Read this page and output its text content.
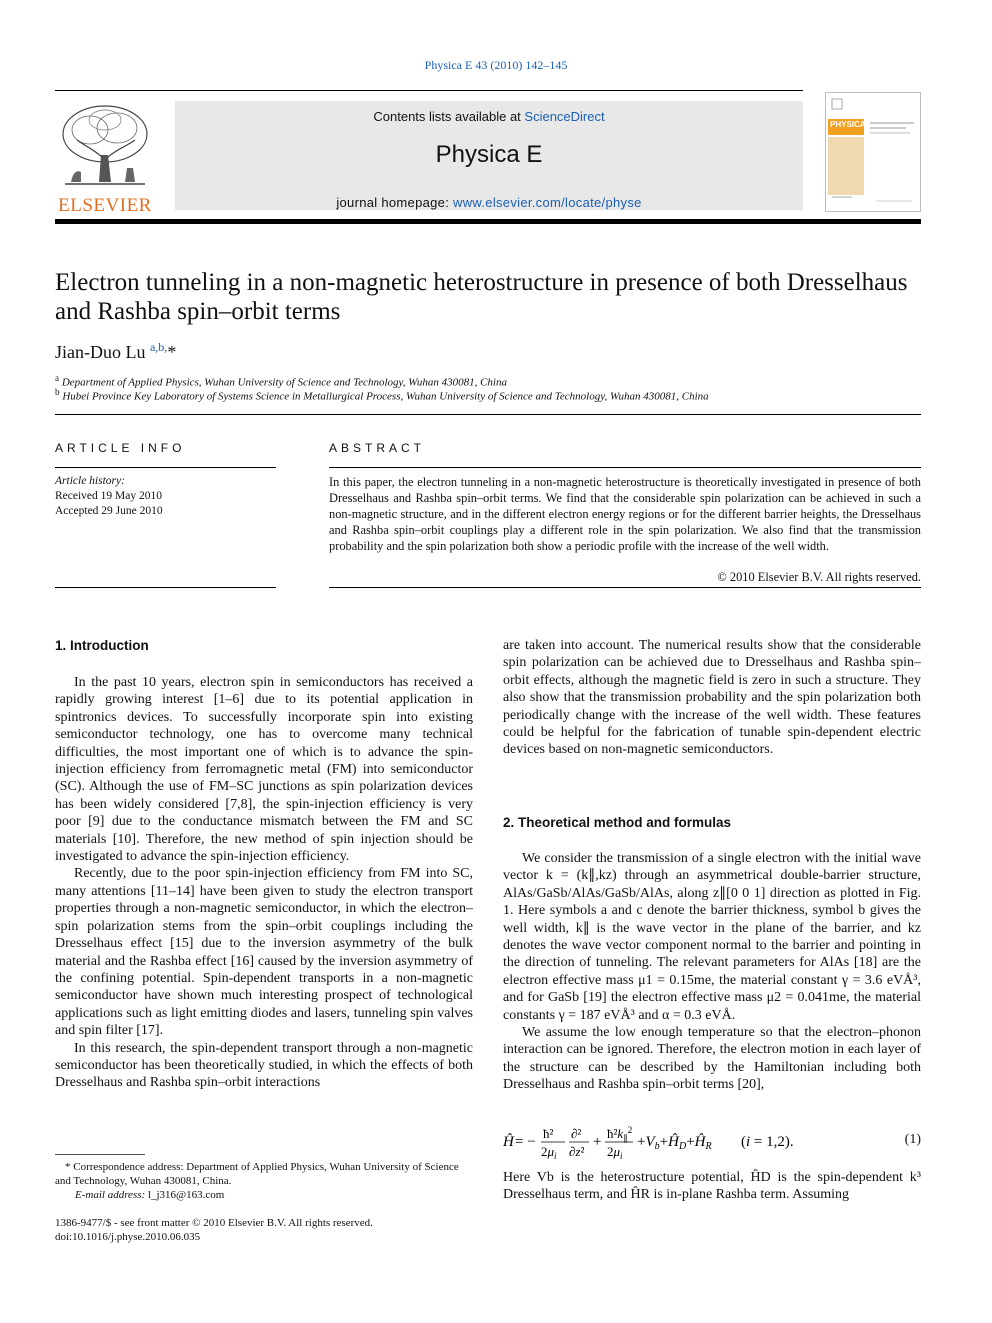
Physica E 43 (2010) 142–145
ELSEVIER
Contents lists available at ScienceDirect
Physica E
journal homepage: www.elsevier.com/locate/physe
PHYSICA
Electron tunneling in a non-magnetic heterostructure in presence of both Dresselhaus and Rashba spin–orbit terms
Jian-Duo Lu $^{a,b,}$*
$^a$ Department of Applied Physics, Wuhan University of Science and Technology, Wuhan 430081, China
$^b$ Hubei Province Key Laboratory of Systems Science in Metallurgical Process, Wuhan University of Science and Technology, Wuhan 430081, China
ARTICLE INFO
Article history:
Received 19 May 2010
Accepted 29 June 2010
ABSTRACT
In this paper, the electron tunneling in a non-magnetic heterostructure is theoretically investigated in presence of both Dresselhaus and Rashba spin–orbit terms. We find that the considerable spin polarization can be achieved in such a non-magnetic structure, and in the different electron energy regions or for the different barrier heights, the Dresselhaus and Rashba spin–orbit couplings play a different role in the spin polarization. We also find that the transmission probability and the spin polarization both show a periodic profile with the increase of the well width.
© 2010 Elsevier B.V. All rights reserved.
1. Introduction

In the past 10 years, electron spin in semiconductors has received a rapidly growing interest [1–6] due to its potential application in spintronics devices. To successfully incorporate spin into existing semiconductor technology, one has to overcome many technical difficulties, the most important one of which is to advance the spin-injection efficiency from ferromagnetic metal (FM) into semiconductor (SC). Although the use of FM–SC junctions as spin polarization devices has been widely considered [7,8], the spin-injection efficiency is very poor [9] due to the conductance mismatch between the FM and SC materials [10]. Therefore, the new method of spin injection should be investigated to advance the spin-injection efficiency.

Recently, due to the poor spin-injection efficiency from FM into SC, many attentions [11–14] have been given to study the electron transport properties through a non-magnetic semiconductor, in which the electron–spin polarization stems from the spin–orbit couplings including the Dresselhaus effect [15] due to the inversion asymmetry of the bulk material and the Rashba effect [16] caused by the inversion asymmetry of the confining potential. Spin-dependent transports in a non-magnetic semiconductor have shown much interesting prospect of technological applications such as light emitting diodes and lasers, tunneling spin valves and spin filter [17].

In this research, the spin-dependent transport through a non-magnetic semiconductor has been theoretically studied, in which the effects of both Dresselhaus and Rashba spin–orbit interactions

are taken into account. The numerical results show that the considerable spin polarization can be achieved due to Dresselhaus and Rashba spin–orbit effects, although the magnetic field is zero in such a structure. They also show that the transmission probability and the spin polarization both periodically change with the increase of the well width. These features could be helpful for the fabrication of tunable spin-dependent electric devices based on non-magnetic semiconductors.

2. Theoretical method and formulas

We consider the transmission of a single electron with the initial wave vector k = (k∥,kz) through an asymmetrical double-barrier structure, AlAs/GaSb/AlAs/GaSb/AlAs, along z∥[0 0 1] direction as plotted in Fig. 1. Here symbols a and c denote the barrier thickness, symbol b gives the well width, k∥ is the wave vector in the plane of the barrier, and kz denotes the wave vector component normal to the barrier and pointing in the direction of tunneling. The relevant parameters for AlAs [18] are the electron effective mass μ1 = 0.15me, the material constant γ = 3.6 eVÅ³, and for GaSb [19] the electron effective mass μ2 = 0.041me, the material constants γ = 187 eVÅ³ and α = 0.3 eVÅ.

We assume the low enough temperature so that the electron–phonon interaction can be ignored. Therefore, the electron motion in each layer of the structure can be described by the Hamiltonian including both Dresselhaus and Rashba spin–orbit terms [20],

Ĥ = −
ħ²
$2\mu_i$
∂²
∂z²
+
$ħ^2k_\parallel^2$
$2\mu_i$
$+V_b+Ĥ_D+Ĥ_R$ (i = 1,2).	(1)

Here Vb is the heterostructure potential, ĤD is the spin-dependent k³ Dresselhaus term, and ĤR is in-plane Rashba term. Assuming

* Correspondence address: Department of Applied Physics, Wuhan University of Science and Technology, Wuhan 430081, China.
E-mail address: l_j316@163.com
1386-9477/$ - see front matter © 2010 Elsevier B.V. All rights reserved.
doi:10.1016/j.physe.2010.06.035
